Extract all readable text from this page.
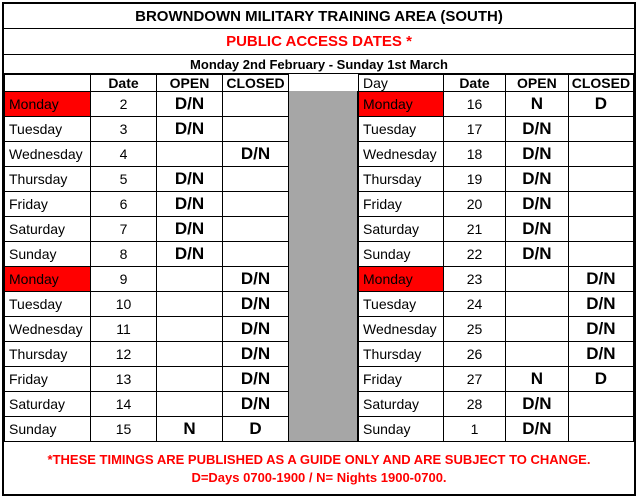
BROWNDOWN MILITARY TRAINING AREA (SOUTH)
PUBLIC ACCESS DATES *
Monday 2nd February - Sunday 1st March
	Date	OPEN	CLOSED
Monday	2	D/N	
Tuesday	3	D/N	
Wednesday	4		D/N
Thursday	5	D/N	
Friday	6	D/N	
Saturday	7	D/N	
Sunday	8	D/N	
Monday	9		D/N
Tuesday	10		D/N
Wednesday	11		D/N
Thursday	12		D/N
Friday	13		D/N
Saturday	14		D/N
Sunday	15	N	D
Day	Date	OPEN	CLOSED
Monday	16	N	D
Tuesday	17	D/N	
Wednesday	18	D/N	
Thursday	19	D/N	
Friday	20	D/N	
Saturday	21	D/N	
Sunday	22	D/N	
Monday	23		D/N
Tuesday	24		D/N
Wednesday	25		D/N
Thursday	26		D/N
Friday	27	N	D
Saturday	28	D/N	
Sunday	1	D/N	
*THESE TIMINGS ARE PUBLISHED AS A GUIDE ONLY AND ARE SUBJECT TO CHANGE.
D=Days 0700-1900 / N= Nights 1900-0700.
